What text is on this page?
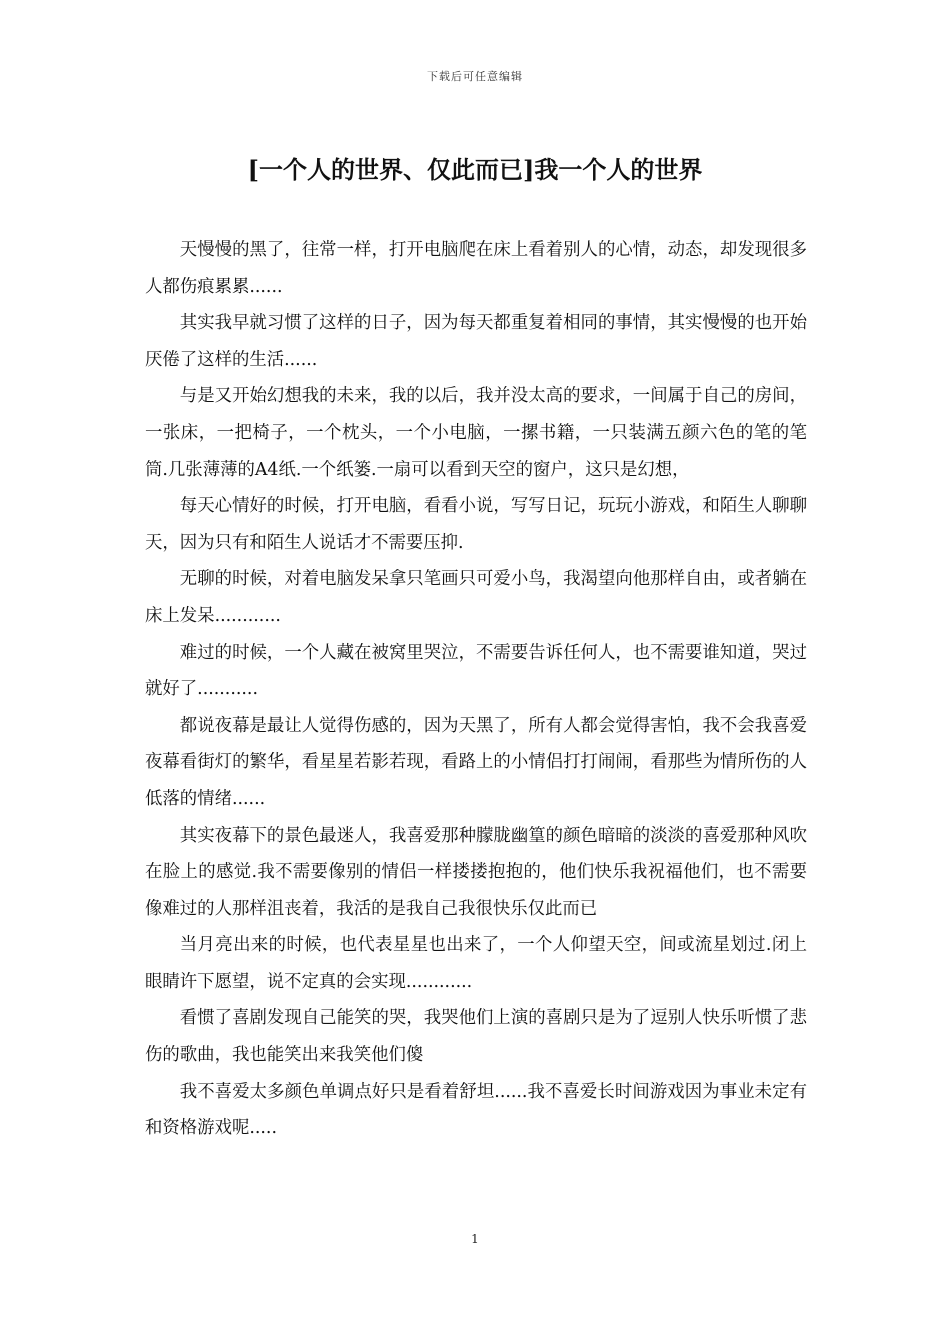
下载后可任意编辑
[一个人的世界、仅此而已]我一个人的世界

天慢慢的黑了，往常一样，打开电脑爬在床上看着别人的心情，动态，却发现很多人都伤痕累累......

其实我早就习惯了这样的日子，因为每天都重复着相同的事情，其实慢慢的也开始厌倦了这样的生活......

与是又开始幻想我的未来，我的以后，我并没太高的要求，一间属于自己的房间，一张床，一把椅子，一个枕头，一个小电脑，一摞书籍，一只装满五颜六色的笔的笔筒.几张薄薄的A4纸.一个纸篓.一扇可以看到天空的窗户，这只是幻想，

每天心情好的时候，打开电脑，看看小说，写写日记，玩玩小游戏，和陌生人聊聊天，因为只有和陌生人说话才不需要压抑.

无聊的时候，对着电脑发呆拿只笔画只可爱小鸟，我渴望向他那样自由，或者躺在床上发呆............

难过的时候，一个人藏在被窝里哭泣，不需要告诉任何人，也不需要谁知道，哭过就好了...........

都说夜幕是最让人觉得伤感的，因为天黑了，所有人都会觉得害怕，我不会我喜爱夜幕看街灯的繁华，看星星若影若现，看路上的小情侣打打闹闹，看那些为情所伤的人低落的情绪......

其实夜幕下的景色最迷人，我喜爱那种朦胧幽篁的颜色暗暗的淡淡的喜爱那种风吹在脸上的感觉.我不需要像别的情侣一样搂搂抱抱的，他们快乐我祝福他们，也不需要像难过的人那样沮丧着，我活的是我自己我很快乐仅此而已

当月亮出来的时候，也代表星星也出来了，一个人仰望天空，间或流星划过.闭上眼睛许下愿望，说不定真的会实现............

看惯了喜剧发现自己能笑的哭，我哭他们上演的喜剧只是为了逗别人快乐听惯了悲伤的歌曲，我也能笑出来我笑他们傻

我不喜爱太多颜色单调点好只是看着舒坦......我不喜爱长时间游戏因为事业未定有和资格游戏呢.....

1
